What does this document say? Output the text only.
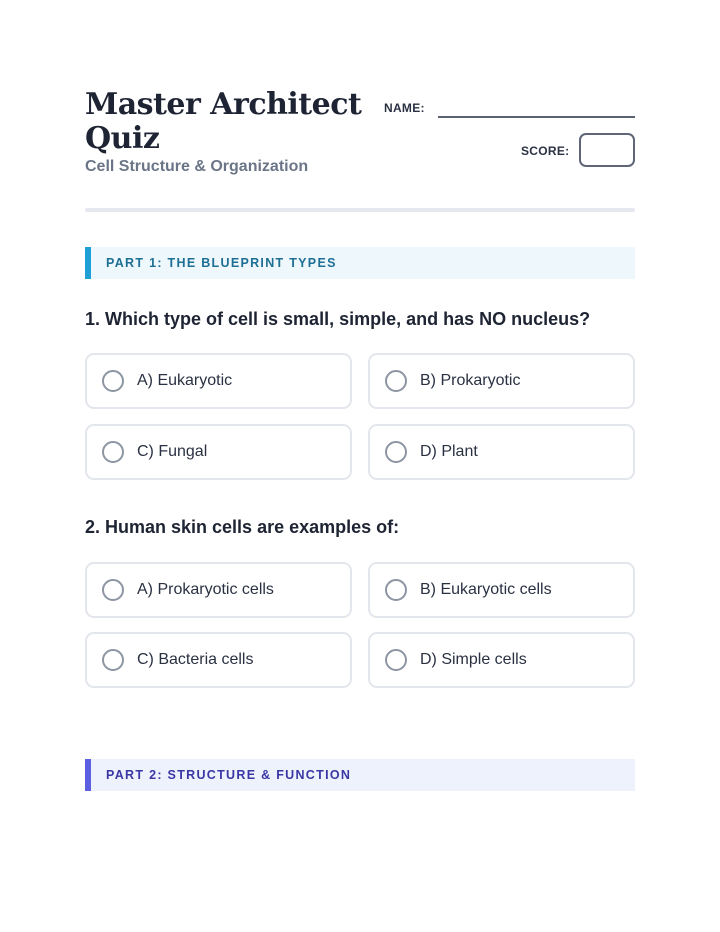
Master Architect Quiz
Cell Structure & Organization
NAME:
SCORE:
PART 1: THE BLUEPRINT TYPES
1. Which type of cell is small, simple, and has NO nucleus?
A) Eukaryotic	B) Prokaryotic
C) Fungal	D) Plant
2. Human skin cells are examples of:
A) Prokaryotic cells	B) Eukaryotic cells
C) Bacteria cells	D) Simple cells
PART 2: STRUCTURE & FUNCTION
